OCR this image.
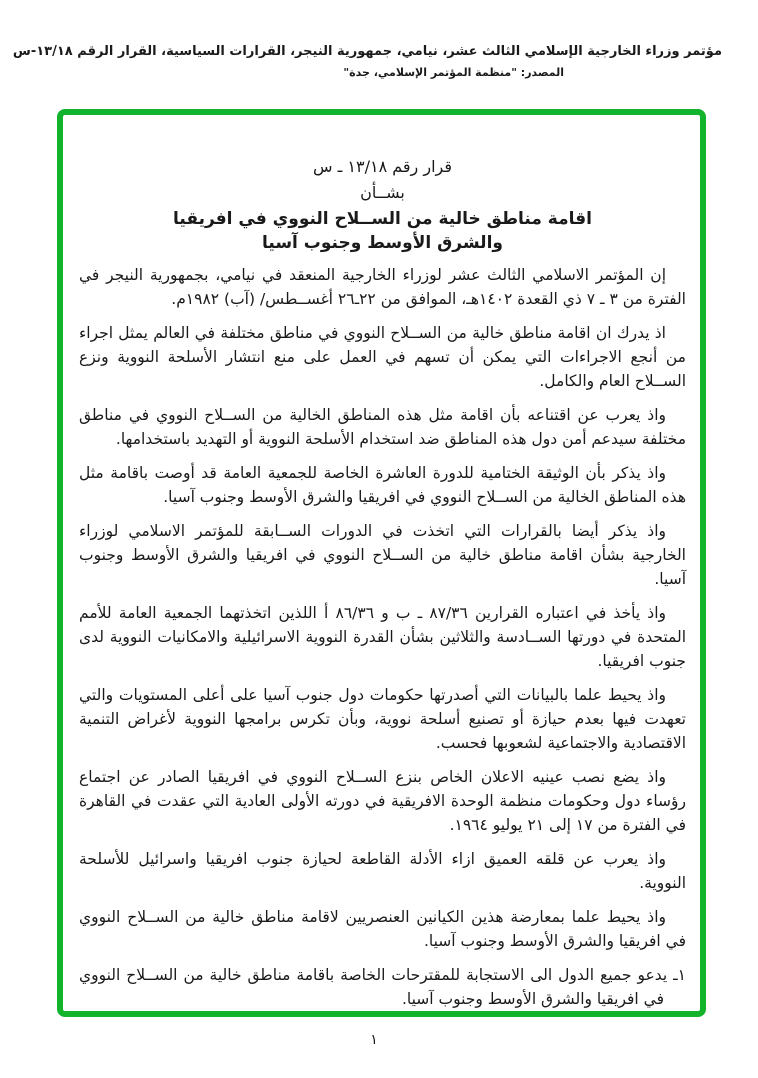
مؤتمر وزراء الخارجية الإسلامي الثالث عشر، نيامي، جمهورية النيجر، القرارات السياسية، القرار الرقم ١٣/١٨-س
المصدر: "منظمة المؤتمر الإسلامي، جدة"
قرار رقم ١٣/١٨ ـ س
بشــأن
اقامة مناطق خالية من الســلاح النووي في افريقيا
والشرق الأوسط وجنوب آسيا

إن المؤتمر الاسلامي الثالث عشر لوزراء الخارجية المنعقد في نيامي، بجمهورية النيجر في الفترة من ٣ ـ ٧ ذي القعدة ١٤٠٢هـ، الموافق من ٢٢ـ٢٦ أغســطس/ (آب) ١٩٨٢م.

اذ يدرك ان اقامة مناطق خالية من الســلاح النووي في مناطق مختلفة في العالم يمثل اجراء من أنجع الاجراءات التي يمكن أن تسهم في العمل على منع انتشار الأسلحة النووية ونزع الســلاح العام والكامل.

واذ يعرب عن اقتناعه بأن اقامة مثل هذه المناطق الخالية من الســلاح النووي في مناطق مختلفة سيدعم أمن دول هذه المناطق ضد استخدام الأسلحة النووية أو التهديد باستخدامها.

واذ يذكر بأن الوثيقة الختامية للدورة العاشرة الخاصة للجمعية العامة قد أوصت باقامة مثل هذه المناطق الخالية من الســلاح النووي في افريقيا والشرق الأوسط وجنوب آسيا.

واذ يذكر أيضا بالقرارات التي اتخذت في الدورات الســابقة للمؤتمر الاسلامي لوزراء الخارجية بشأن اقامة مناطق خالية من الســلاح النووي في افريقيا والشرق الأوسط وجنوب آسيا.

واذ يأخذ في اعتباره القرارين ٨٧/٣٦ ـ ب و ٨٦/٣٦ أ اللذين اتخذتهما الجمعية العامة للأمم المتحدة في دورتها الســادسة والثلاثين بشأن القدرة النووية الاسرائيلية والامكانيات النووية لدى جنوب افريقيا.

واذ يحيط علما بالبيانات التي أصدرتها حكومات دول جنوب آسيا على أعلى المستويات والتي تعهدت فيها بعدم حيازة أو تصنيع أسلحة نووية، وبأن تكرس برامجها النووية لأغراض التنمية الاقتصادية والاجتماعية لشعوبها فحسب.

واذ يضع نصب عينيه الاعلان الخاص بنزع الســلاح النووي في افريقيا الصادر عن اجتماع رؤساء دول وحكومات منظمة الوحدة الافريقية في دورته الأولى العادية التي عقدت في القاهرة في الفترة من ١٧ إلى ٢١ يوليو ١٩٦٤.

واذ يعرب عن قلقه العميق ازاء الأدلة القاطعة لحيازة جنوب افريقيا واسرائيل للأسلحة النووية.

واذ يحيط علما بمعارضة هذين الكيانين العنصريين لاقامة مناطق خالية من الســلاح النووي في افريقيا والشرق الأوسط وجنوب آسيا.

١ـ يدعو جميع الدول الى الاستجابة للمقترحات الخاصة باقامة مناطق خالية من الســلاح النووي في افريقيا والشرق الأوسط وجنوب آسيا.
١
